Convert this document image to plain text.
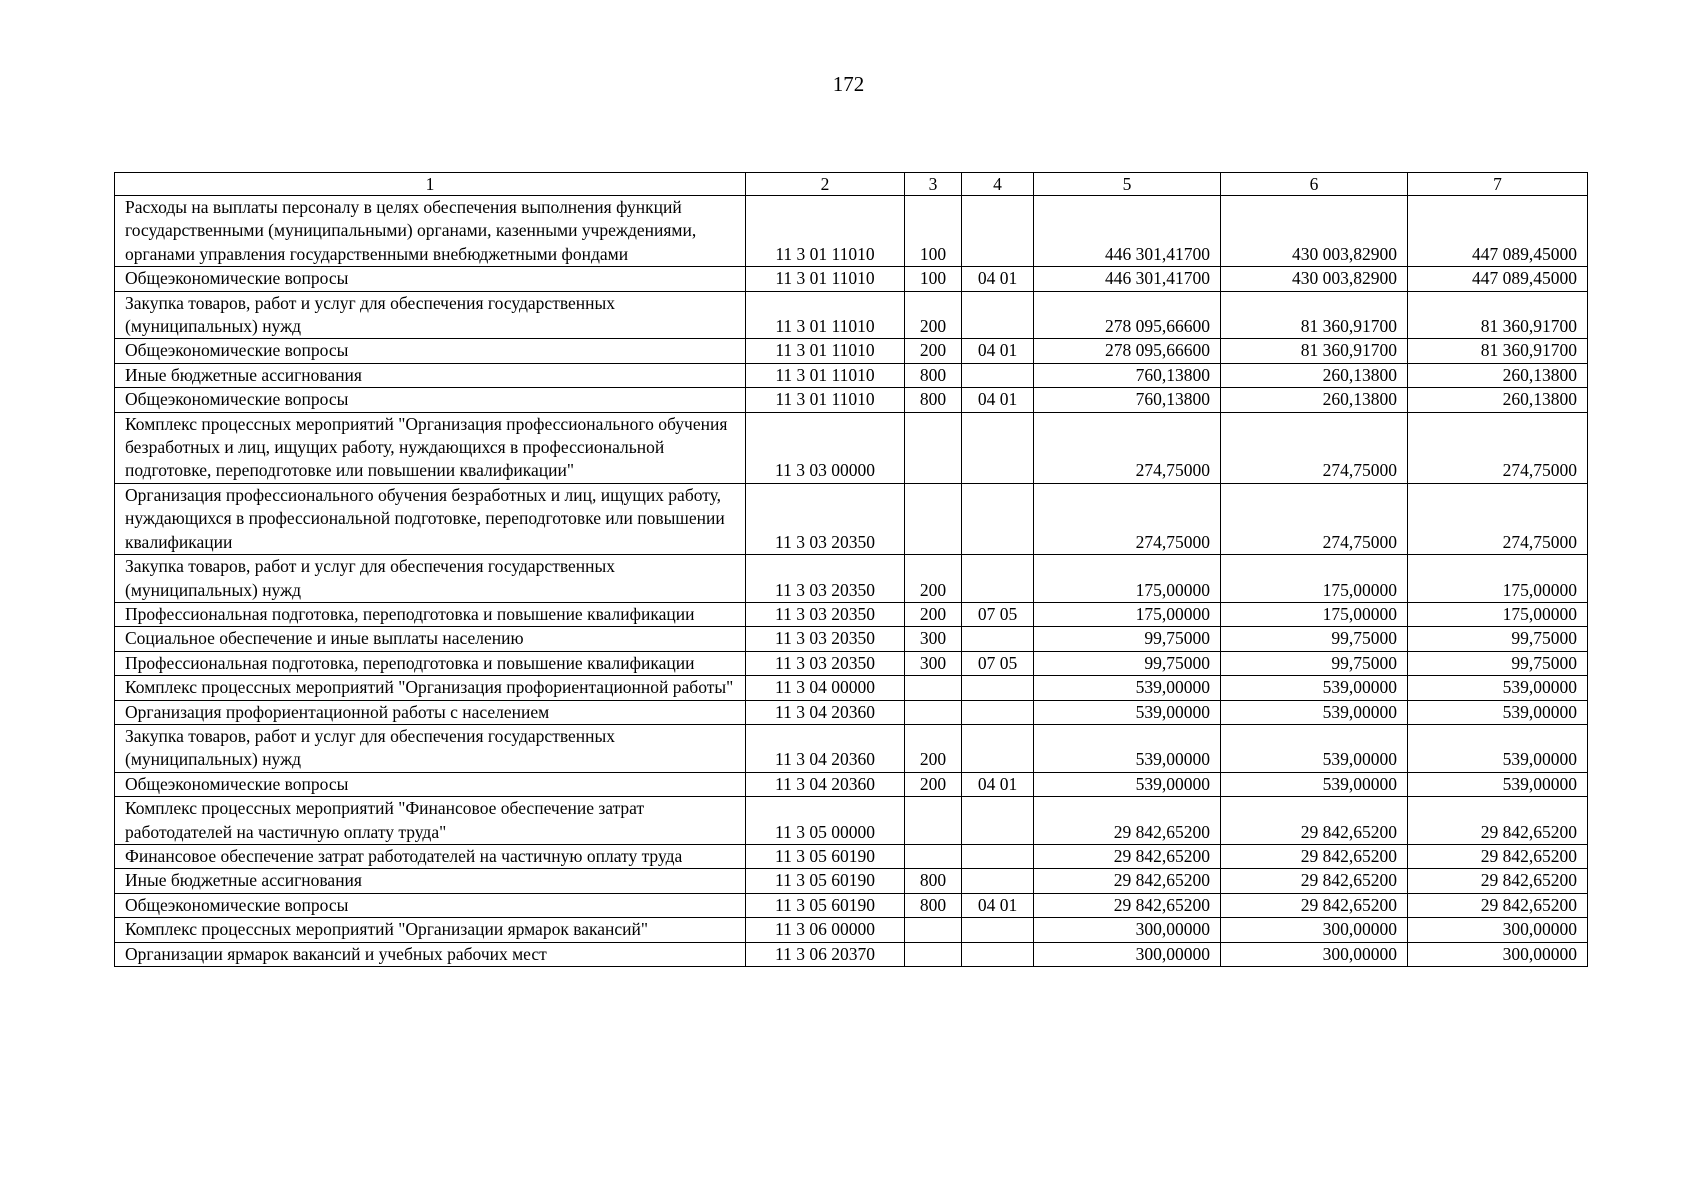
172
1	2	3	4	5	6	7
Расходы на выплаты персоналу в целях обеспечения выполнения функций государственными (муниципальными) органами, казенными учреждениями, органами управления государственными внебюджетными фондами	11 3 01 11010	100		446 301,41700	430 003,82900	447 089,45000
Общеэкономические вопросы	11 3 01 11010	100	04 01	446 301,41700	430 003,82900	447 089,45000
Закупка товаров, работ и услуг для обеспечения государственных (муниципальных) нужд	11 3 01 11010	200		278 095,66600	81 360,91700	81 360,91700
Общеэкономические вопросы	11 3 01 11010	200	04 01	278 095,66600	81 360,91700	81 360,91700
Иные бюджетные ассигнования	11 3 01 11010	800		760,13800	260,13800	260,13800
Общеэкономические вопросы	11 3 01 11010	800	04 01	760,13800	260,13800	260,13800
Комплекс процессных мероприятий "Организация профессионального обучения безработных и лиц, ищущих работу, нуждающихся в профессиональной подготовке, переподготовке или повышении квалификации"	11 3 03 00000			274,75000	274,75000	274,75000
Организация профессионального обучения безработных и лиц, ищущих работу, нуждающихся в профессиональной подготовке, переподготовке или повышении квалификации	11 3 03 20350			274,75000	274,75000	274,75000
Закупка товаров, работ и услуг для обеспечения государственных (муниципальных) нужд	11 3 03 20350	200		175,00000	175,00000	175,00000
Профессиональная подготовка, переподготовка и повышение квалификации	11 3 03 20350	200	07 05	175,00000	175,00000	175,00000
Социальное обеспечение и иные выплаты населению	11 3 03 20350	300		99,75000	99,75000	99,75000
Профессиональная подготовка, переподготовка и повышение квалификации	11 3 03 20350	300	07 05	99,75000	99,75000	99,75000
Комплекс процессных мероприятий "Организация профориентационной работы"	11 3 04 00000			539,00000	539,00000	539,00000
Организация профориентационной работы с населением	11 3 04 20360			539,00000	539,00000	539,00000
Закупка товаров, работ и услуг для обеспечения государственных (муниципальных) нужд	11 3 04 20360	200		539,00000	539,00000	539,00000
Общеэкономические вопросы	11 3 04 20360	200	04 01	539,00000	539,00000	539,00000
Комплекс процессных мероприятий "Финансовое обеспечение затрат работодателей на частичную оплату труда"	11 3 05 00000			29 842,65200	29 842,65200	29 842,65200
Финансовое обеспечение затрат работодателей на частичную оплату труда	11 3 05 60190			29 842,65200	29 842,65200	29 842,65200
Иные бюджетные ассигнования	11 3 05 60190	800		29 842,65200	29 842,65200	29 842,65200
Общеэкономические вопросы	11 3 05 60190	800	04 01	29 842,65200	29 842,65200	29 842,65200
Комплекс процессных мероприятий "Организации ярмарок вакансий"	11 3 06 00000			300,00000	300,00000	300,00000
Организации ярмарок вакансий и учебных рабочих мест	11 3 06 20370			300,00000	300,00000	300,00000
